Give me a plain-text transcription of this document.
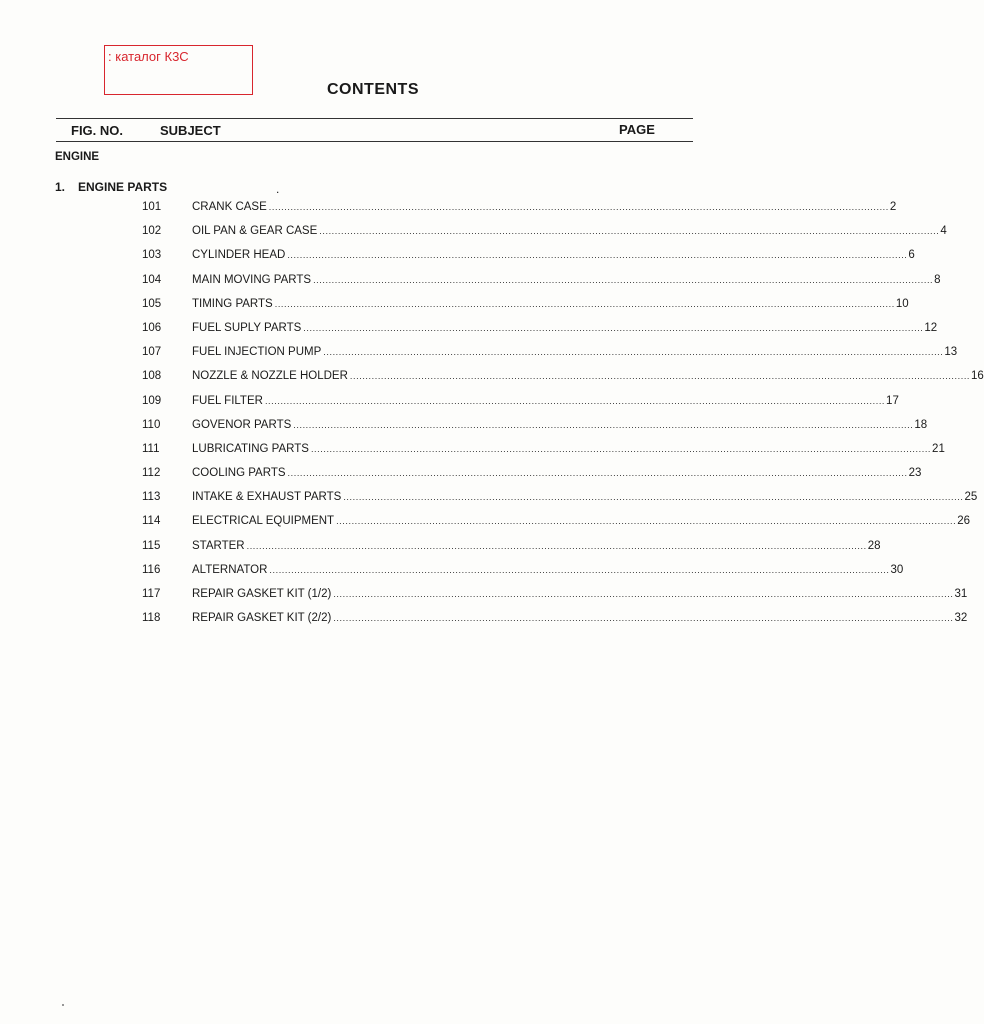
: каталог К3С
CONTENTS
FIG. NO.	SUBJECT	PAGE
ENGINE
1. ENGINE PARTS	.
101	CRANK CASE ........................................................................................................................................................................................................ 2
102	OIL PAN & GEAR CASE ........................................................................................................................................................................................................ 4
103	CYLINDER HEAD ........................................................................................................................................................................................................ 6
104	MAIN MOVING PARTS ........................................................................................................................................................................................................ 8
105	TIMING PARTS ........................................................................................................................................................................................................ 10
106	FUEL SUPLY PARTS ........................................................................................................................................................................................................ 12
107	FUEL INJECTION PUMP ........................................................................................................................................................................................................ 13
108	NOZZLE & NOZZLE HOLDER ........................................................................................................................................................................................................ 16
109	FUEL FILTER ........................................................................................................................................................................................................ 17
110	GOVENOR PARTS ........................................................................................................................................................................................................ 18
111	LUBRICATING PARTS ........................................................................................................................................................................................................ 21
112	COOLING PARTS ........................................................................................................................................................................................................ 23
113	INTAKE & EXHAUST PARTS ........................................................................................................................................................................................................ 25
114	ELECTRICAL EQUIPMENT ........................................................................................................................................................................................................ 26
115	STARTER ........................................................................................................................................................................................................ 28
116	ALTERNATOR ........................................................................................................................................................................................................ 30
117	REPAIR GASKET KIT (1/2) ........................................................................................................................................................................................................ 31
118	REPAIR GASKET KIT (2/2) ........................................................................................................................................................................................................ 32
